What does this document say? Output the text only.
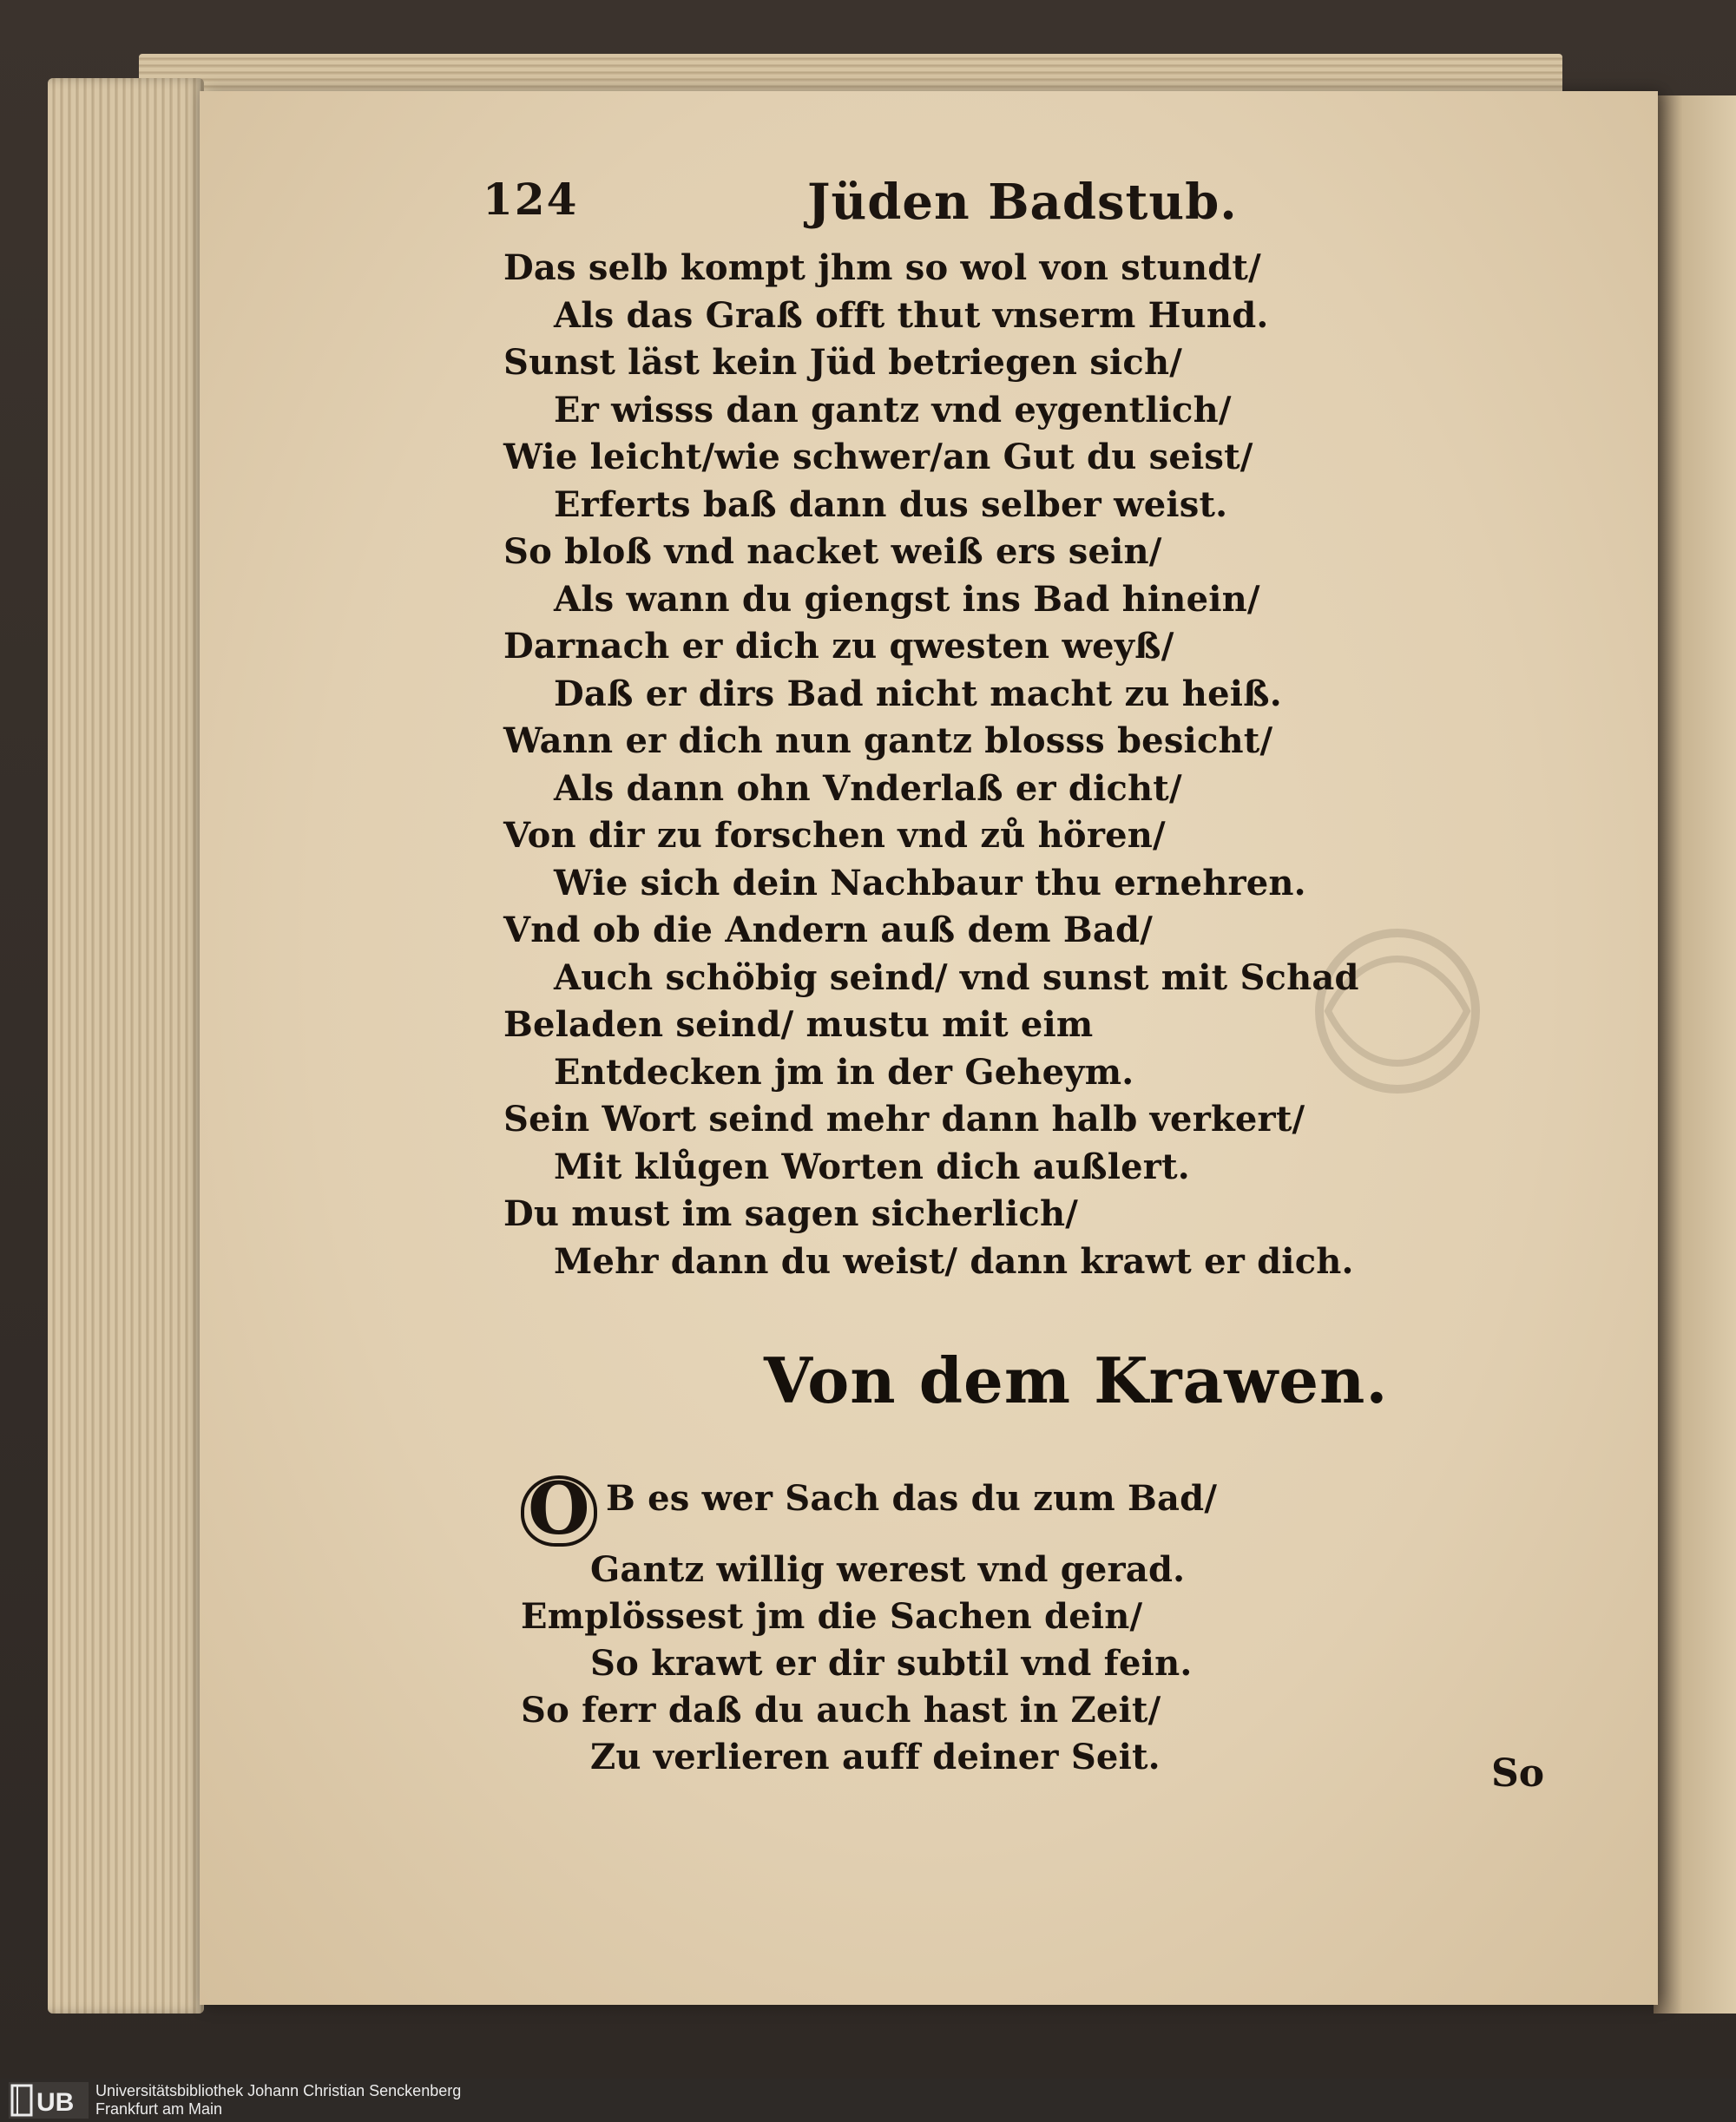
124	Jüden Badstub.
Das selb kompt jhm so wol von stundt/
Als das Graß offt thut vnserm Hund.
Sunst läst kein Jüd betriegen sich/
Er wisss dan gantz vnd eygentlich/
Wie leicht/wie schwer/an Gut du seist/
Erferts baß dann dus selber weist.
So bloß vnd nacket weiß ers sein/
Als wann du giengst ins Bad hinein/
Darnach er dich zu qwesten weyß/
Daß er dirs Bad nicht macht zu heiß.
Wann er dich nun gantz blosss besicht/
Als dann ohn Vnderlaß er dicht/
Von dir zu forschen vnd zů hören/
Wie sich dein Nachbaur thu ernehren.
Vnd ob die Andern auß dem Bad/
Auch schöbig seind/ vnd sunst mit Schad
Beladen seind/ mustu mit eim
Entdecken jm in der Geheym.
Sein Wort seind mehr dann halb verkert/
Mit klůgen Worten dich außlert.
Du must im sagen sicherlich/
Mehr dann du weist/ dann krawt er dich.
Von dem Krawen.
O B es wer Sach das du zum Bad/
Gantz willig werest vnd gerad.
Emplössest jm die Sachen dein/
So krawt er dir subtil vnd fein.
So ferr daß du auch hast in Zeit/
Zu verlieren auff deiner Seit.	So
UB Universitätsbibliothek Johann Christian Senckenberg
Frankfurt am Main
